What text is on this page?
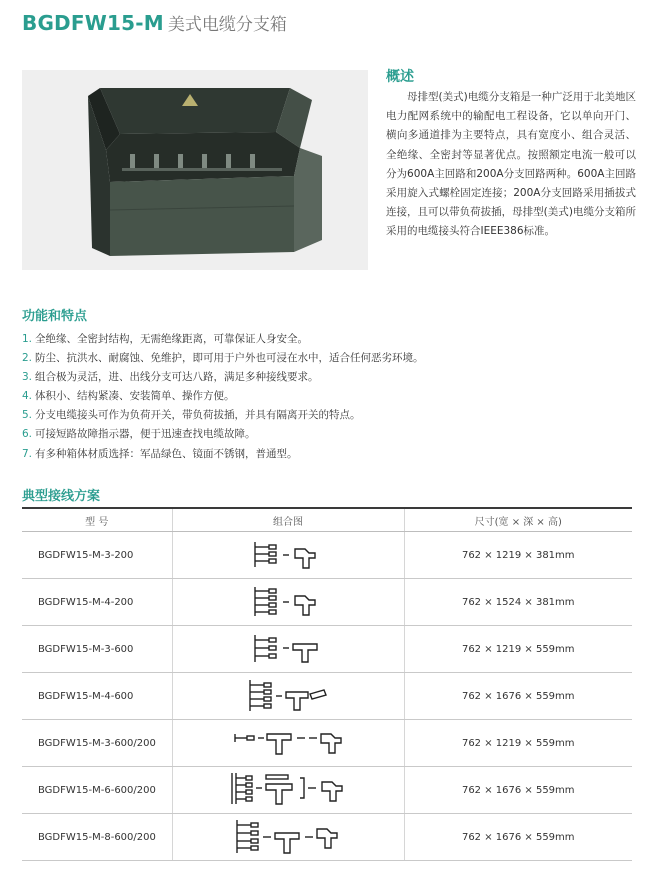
BGDFW15-M 美式电缆分支箱
概述
母排型(美式)电缆分支箱是一种广泛用于北美地区电力配网系统中的输配电工程设备，它以单向开门、横向多通道排为主要特点，具有宽度小、组合灵活、全绝缘、全密封等显著优点。按照额定电流一般可以分为600A主回路和200A分支回路两种。600A主回路采用旋入式螺栓固定连接；200A分支回路采用插拔式连接，且可以带负荷拔插，母排型(美式)电缆分支箱所采用的电缆接头符合IEEE386标准。
功能和特点
1. 全绝缘、全密封结构，无需绝缘距离，可靠保证人身安全。
2. 防尘、抗洪水、耐腐蚀、免维护，即可用于户外也可浸在水中，适合任何恶劣环境。
3. 组合极为灵活，进、出线分支可达八路，满足多种接线要求。
4. 体积小、结构紧凑、安装简单、操作方便。
5. 分支电缆接头可作为负荷开关，带负荷拔插，并具有隔离开关的特点。
6. 可接短路故障指示器，便于迅速查找电缆故障。
7. 有多种箱体材质选择：军品绿色、镜面不锈钢，普通型。
典型接线方案
型 号	组合图	尺寸(宽 × 深 × 高)
BGDFW15-M-3-200		762 × 1219 × 381mm
BGDFW15-M-4-200		762 × 1524 × 381mm
BGDFW15-M-3-600		762 × 1219 × 559mm
BGDFW15-M-4-600		762 × 1676 × 559mm
BGDFW15-M-3-600/200		762 × 1219 × 559mm
BGDFW15-M-6-600/200		762 × 1676 × 559mm
BGDFW15-M-8-600/200		762 × 1676 × 559mm
